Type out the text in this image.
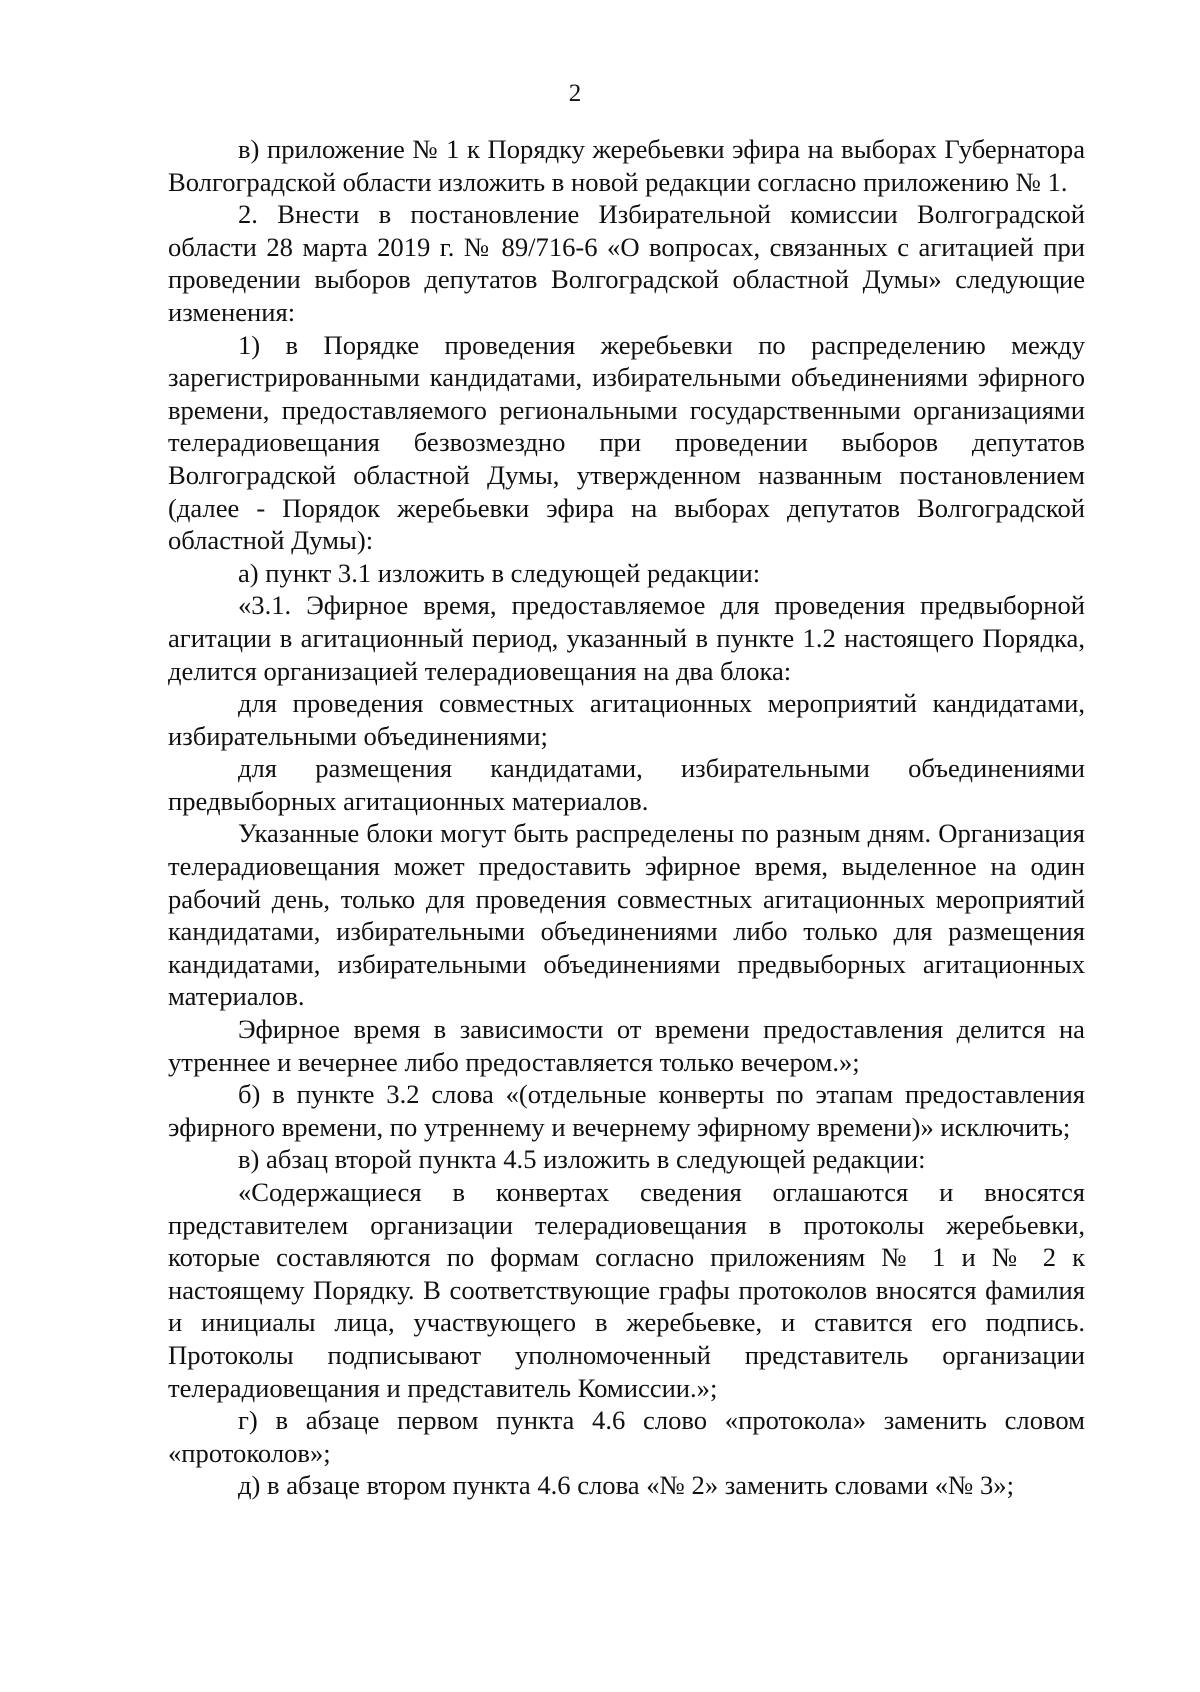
2

в) приложение № 1 к Порядку жеребьевки эфира на выборах Губернатора Волгоградской области изложить в новой редакции согласно приложению № 1.

2. Внести в постановление Избирательной комиссии Волгоградской области 28 марта 2019 г. № 89/716-6 «О вопросах, связанных с агитацией при проведении выборов депутатов Волгоградской областной Думы» следующие изменения:

1) в Порядке проведения жеребьевки по распределению между зарегистрированными кандидатами, избирательными объединениями эфирного времени, предоставляемого региональными государственными организациями телерадиовещания безвозмездно при проведении выборов депутатов Волгоградской областной Думы, утвержденном названным постановлением (далее - Порядок жеребьевки эфира на выборах депутатов Волгоградской областной Думы):

а) пункт 3.1 изложить в следующей редакции:

«3.1. Эфирное время, предоставляемое для проведения предвыборной агитации в агитационный период, указанный в пункте 1.2 настоящего Порядка, делится организацией телерадиовещания на два блока:

для проведения совместных агитационных мероприятий кандидатами, избирательными объединениями;

для размещения кандидатами, избирательными объединениями предвыборных агитационных материалов.

Указанные блоки могут быть распределены по разным дням. Организация телерадиовещания может предоставить эфирное время, выделенное на один рабочий день, только для проведения совместных агитационных мероприятий кандидатами, избирательными объединениями либо только для размещения кандидатами, избирательными объединениями предвыборных агитационных материалов.

Эфирное время в зависимости от времени предоставления делится на утреннее и вечернее либо предоставляется только вечером.»;

б) в пункте 3.2 слова «(отдельные конверты по этапам предоставления эфирного времени, по утреннему и вечернему эфирному времени)» исключить;

в) абзац второй пункта 4.5 изложить в следующей редакции:

«Содержащиеся в конвертах сведения оглашаются и вносятся представителем организации телерадиовещания в протоколы жеребьевки, которые составляются по формам согласно приложениям № 1 и № 2 к настоящему Порядку. В соответствующие графы протоколов вносятся фамилия и инициалы лица, участвующего в жеребьевке, и ставится его подпись. Протоколы подписывают уполномоченный представитель организации телерадиовещания и представитель Комиссии.»;

г) в абзаце первом пункта 4.6 слово «протокола» заменить словом «протоколов»;

д) в абзаце втором пункта 4.6 слова «№ 2» заменить словами «№ 3»;
